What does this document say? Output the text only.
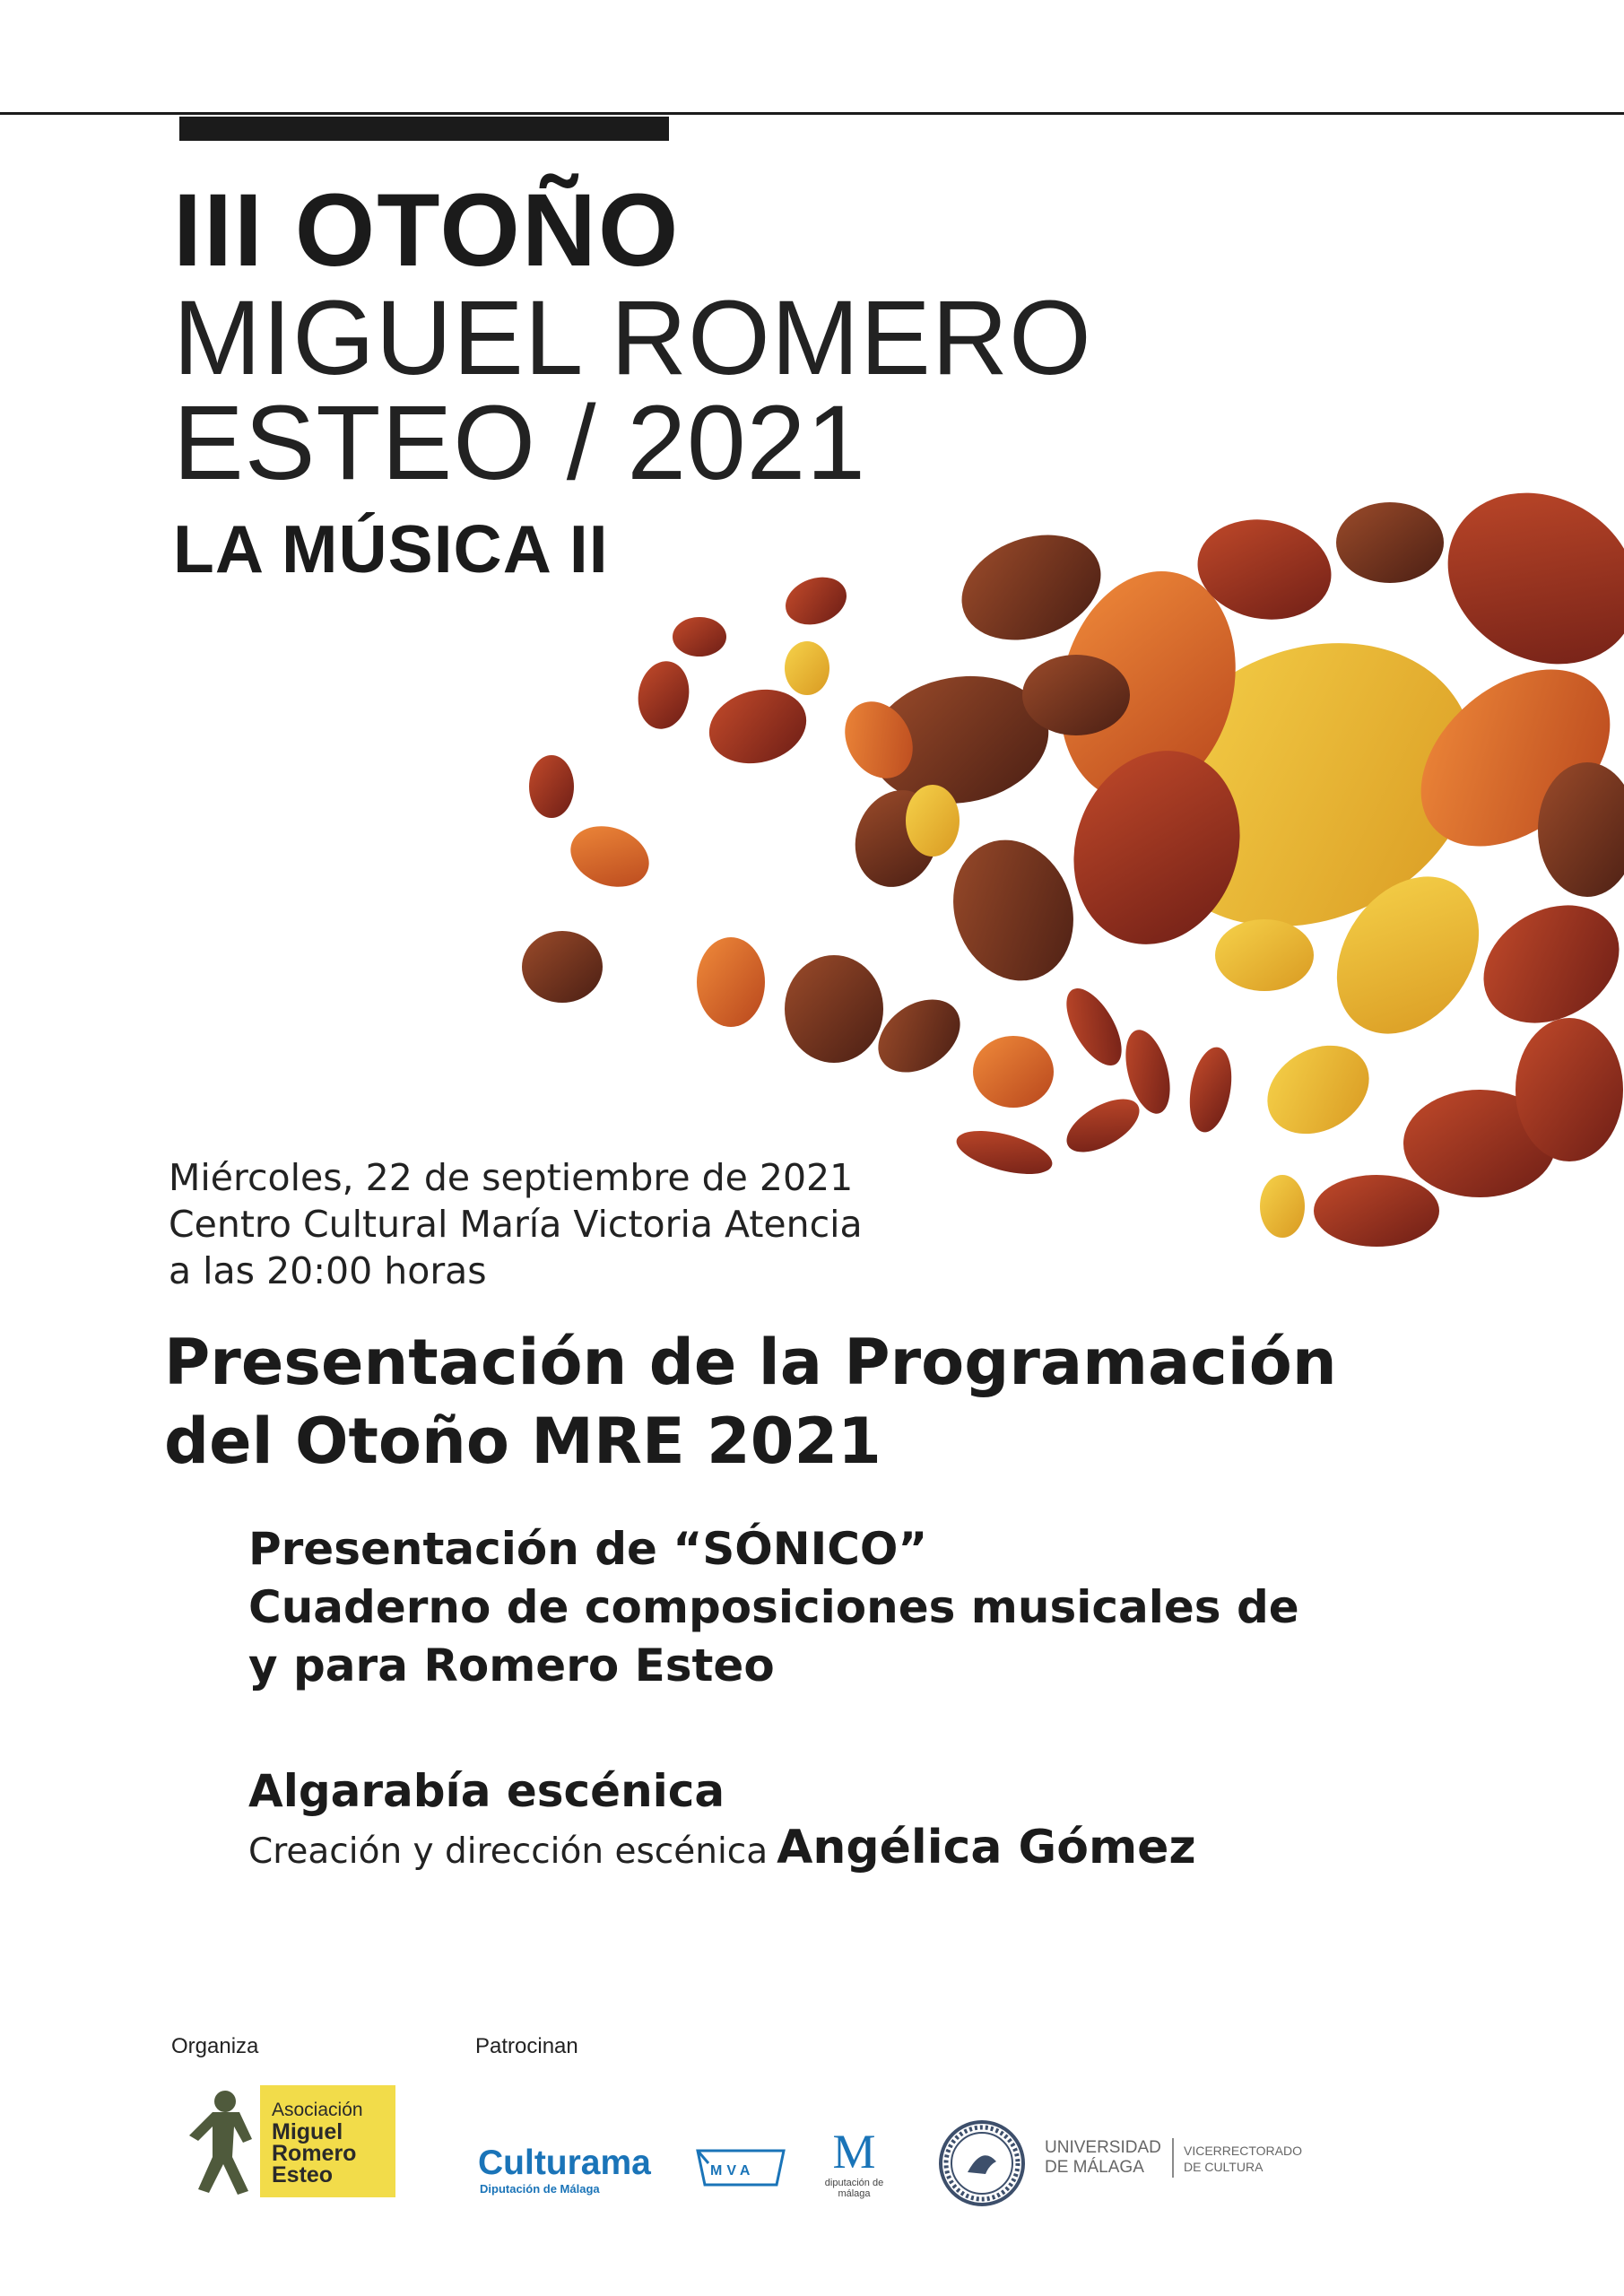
III OTOÑO
MIGUEL ROMERO
ESTEO / 2021
LA MÚSICA II
Miércoles, 22 de septiembre de 2021
Centro Cultural María Victoria Atencia
a las 20:00 horas
Presentación de la Programación
del Otoño MRE 2021
Presentación de “SÓNICO”
Cuaderno de composiciones musicales de
y para Romero Esteo
Algarabía escénica
Creación y dirección escénica Angélica Gómez
Organiza	Patrocinan
Asociación
Miguel
Romero
Esteo	Culturama
Diputación de Málaga
MVA	M
diputación de málaga
UNIVERSIDAD
DE MÁLAGA
VICERRECTORADO
DE CULTURA
